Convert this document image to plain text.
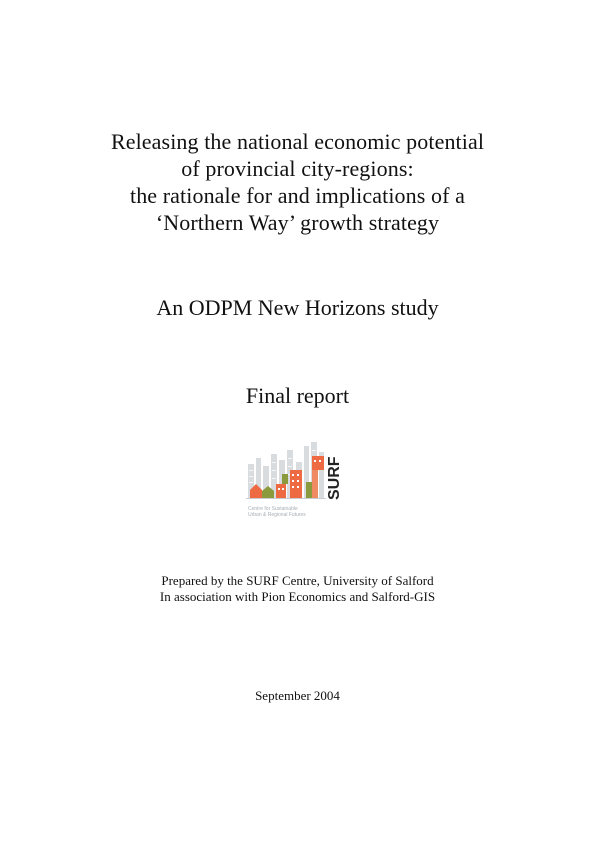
Releasing the national economic potential
of provincial city-regions:
the rationale for and implications of a
‘Northern Way’ growth strategy
An ODPM New Horizons study
Final report
SURF
Centre for Sustainable
Urban & Regional Futures
Prepared by the SURF Centre, University of Salford
In association with Pion Economics and Salford-GIS
September 2004
